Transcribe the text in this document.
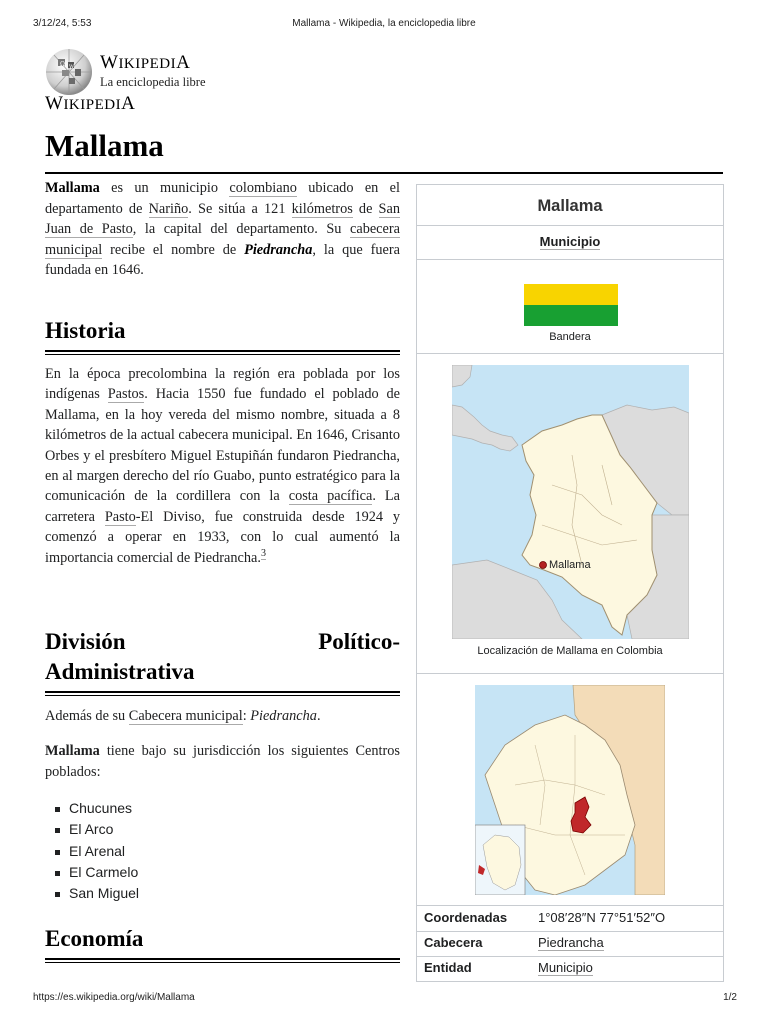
3/12/24, 5:53	Mallama - Wikipedia, la enciclopedia libre
Ω W WIKIPEDIA
La enciclopedia libre
WIKIPEDIA
Mallama

Mallama es un municipio colombiano ubicado en el departamento de Nariño. Se sitúa a 121 kilómetros de San Juan de Pasto, la capital del departamento. Su cabecera municipal recibe el nombre de Piedrancha, la que fuera fundada en 1646.

Historia
En la época precolombina la región era poblada por los indígenas Pastos. Hacia 1550 fue fundado el poblado de Mallama, en la hoy vereda del mismo nombre, situada a 8 kilómetros de la actual cabecera municipal. En 1646, Crisanto Orbes y el presbítero Miguel Estupiñán fundaron Piedrancha, en al margen derecho del río Guabo, punto estratégico para la comunicación de la cordillera con la costa pacífica. La carretera Pasto-El Diviso, fue construida desde 1924 y comenzó a operar en 1933, con lo cual aumentó la importancia comercial de Piedrancha.$^3$
División Político-
Administrativa
Además de su Cabecera municipal: Piedrancha.
Mallama tiene bajo su jurisdicción los siguientes Centros poblados:
Chucunes
El Arco
El Arenal
El Carmelo
San Miguel
Economía
Mallama
Municipio
Bandera
Mallama
Localización de Mallama en Colombia
Coordenadas 1°08′28″N 77°51′52″O
Cabecera	Piedrancha
Entidad	Municipio
https://es.wikipedia.org/wiki/Mallama	1/2
